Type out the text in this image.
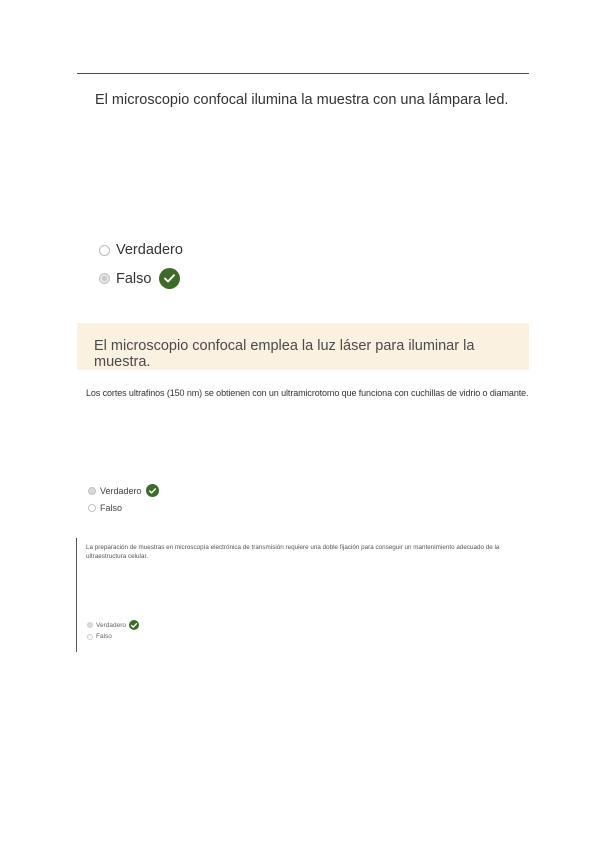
El microscopio confocal ilumina la muestra con una lámpara led.
Verdadero
Falso
El microscopio confocal emplea la luz láser para iluminar la muestra.
Los cortes ultrafinos (150 nm) se obtienen con un ultramicrotomo que funciona con cuchillas de vidrio o diamante.
Verdadero
Falso
La preparación de muestras en microscopía electrónica de transmisión requiere una doble fijación para conseguir un mantenimiento adecuado de la ultraestructura celular.
Verdadero
Falso
